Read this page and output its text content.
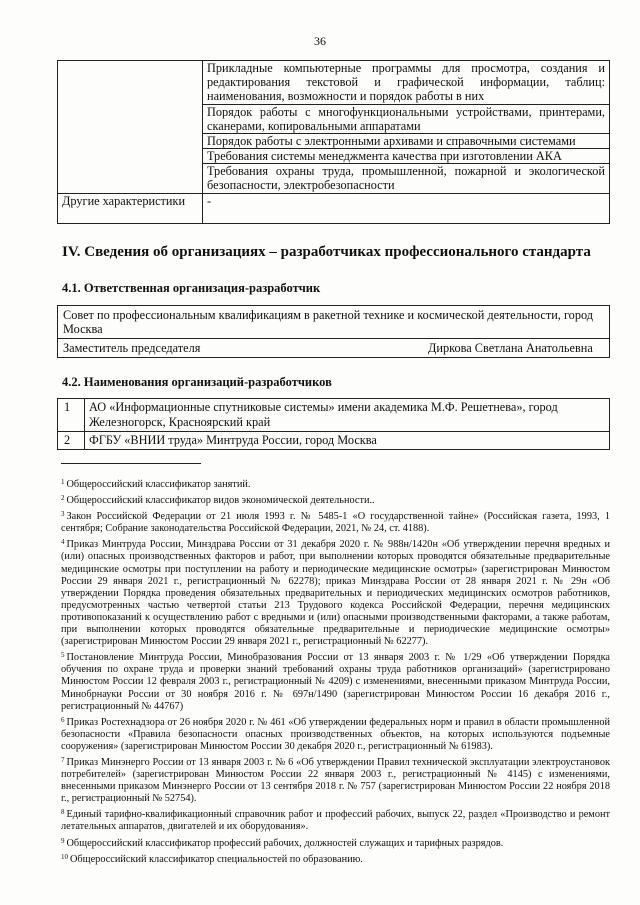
36
	Прикладные компьютерные программы для просмотра, создания и редактирования текстовой и графической информации, таблиц: наименования, возможности и порядок работы в них
	Порядок работы с многофункциональными устройствами, принтерами, сканерами, копировальными аппаратами
	Порядок работы с электронными архивами и справочными системами
	Требования системы менеджмента качества при изготовлении АКА
	Требования охраны труда, промышленной, пожарной и экологической безопасности, электробезопасности
Другие характеристики	-
IV. Сведения об организациях – разработчиках профессионального стандарта
4.1. Ответственная организация-разработчик
Совет по профессиональным квалификациям в ракетной технике и космической деятельности, город Москва
Заместитель председателя	Диркова Светлана Анатольевна
4.2. Наименования организаций-разработчиков
1	АО «Информационные спутниковые системы» имени академика М.Ф. Решетнева», город Железногорск, Красноярский край
2	ФГБУ «ВНИИ труда» Минтруда России, город Москва

$^1$ Общероссийский классификатор занятий.

$^2$ Общероссийский классификатор видов экономической деятельности..

$^3$ Закон Российской Федерации от 21 июля 1993 г. № 5485-1 «О государственной тайне» (Российская газета, 1993, 1 сентября; Собрание законодательства Российской Федерации, 2021, № 24, ст. 4188).

$^4$ Приказ Минтруда России, Минздрава России от 31 декабря 2020 г. № 988н/1420н «Об утверждении перечня вредных и (или) опасных производственных факторов и работ, при выполнении которых проводятся обязательные предварительные медицинские осмотры при поступлении на работу и периодические медицинские осмотры» (зарегистрирован Минюстом России 29 января 2021 г., регистрационный № 62278); приказ Минздрава России от 28 января 2021 г. № 29н «Об утверждении Порядка проведения обязательных предварительных и периодических медицинских осмотров работников, предусмотренных частью четвертой статьи 213 Трудового кодекса Российской Федерации, перечня медицинских противопоказаний к осуществлению работ с вредными и (или) опасными производственными факторами, а также работам, при выполнении которых проводятся обязательные предварительные и периодические медицинские осмотры» (зарегистрирован Минюстом России 29 января 2021 г., регистрационный № 62277).

$^5$ Постановление Минтруда России, Минобразования России от 13 января 2003 г. № 1/29 «Об утверждении Порядка обучения по охране труда и проверки знаний требований охраны труда работников организаций» (зарегистрировано Минюстом России 12 февраля 2003 г., регистрационный № 4209) с изменениями, внесенными приказом Минтруда России, Минобрнауки России от 30 ноября 2016 г. № 697н/1490 (зарегистрирован Минюстом России 16 декабря 2016 г., регистрационный № 44767)

$^6$ Приказ Ростехнадзора от 26 ноября 2020 г. № 461 «Об утверждении федеральных норм и правил в области промышленной безопасности «Правила безопасности опасных производственных объектов, на которых используются подъемные сооружения» (зарегистрирован Минюстом России 30 декабря 2020 г., регистрационный № 61983).

$^7$ Приказ Минэнерго России от 13 января 2003 г. № 6 «Об утверждении Правил технической эксплуатации электроустановок потребителей» (зарегистрирован Минюстом России 22 января 2003 г., регистрационный № 4145) с изменениями, внесенными приказом Минэнерго России от 13 сентября 2018 г. № 757 (зарегистрирован Минюстом России 22 ноября 2018 г., регистрационный № 52754).

$^8$ Единый тарифно-квалификационный справочник работ и профессий рабочих, выпуск 22, раздел «Производство и ремонт летательных аппаратов, двигателей и их оборудования».

$^9$ Общероссийский классификатор профессий рабочих, должностей служащих и тарифных разрядов.

$^{10}$ Общероссийский классификатор специальностей по образованию.
